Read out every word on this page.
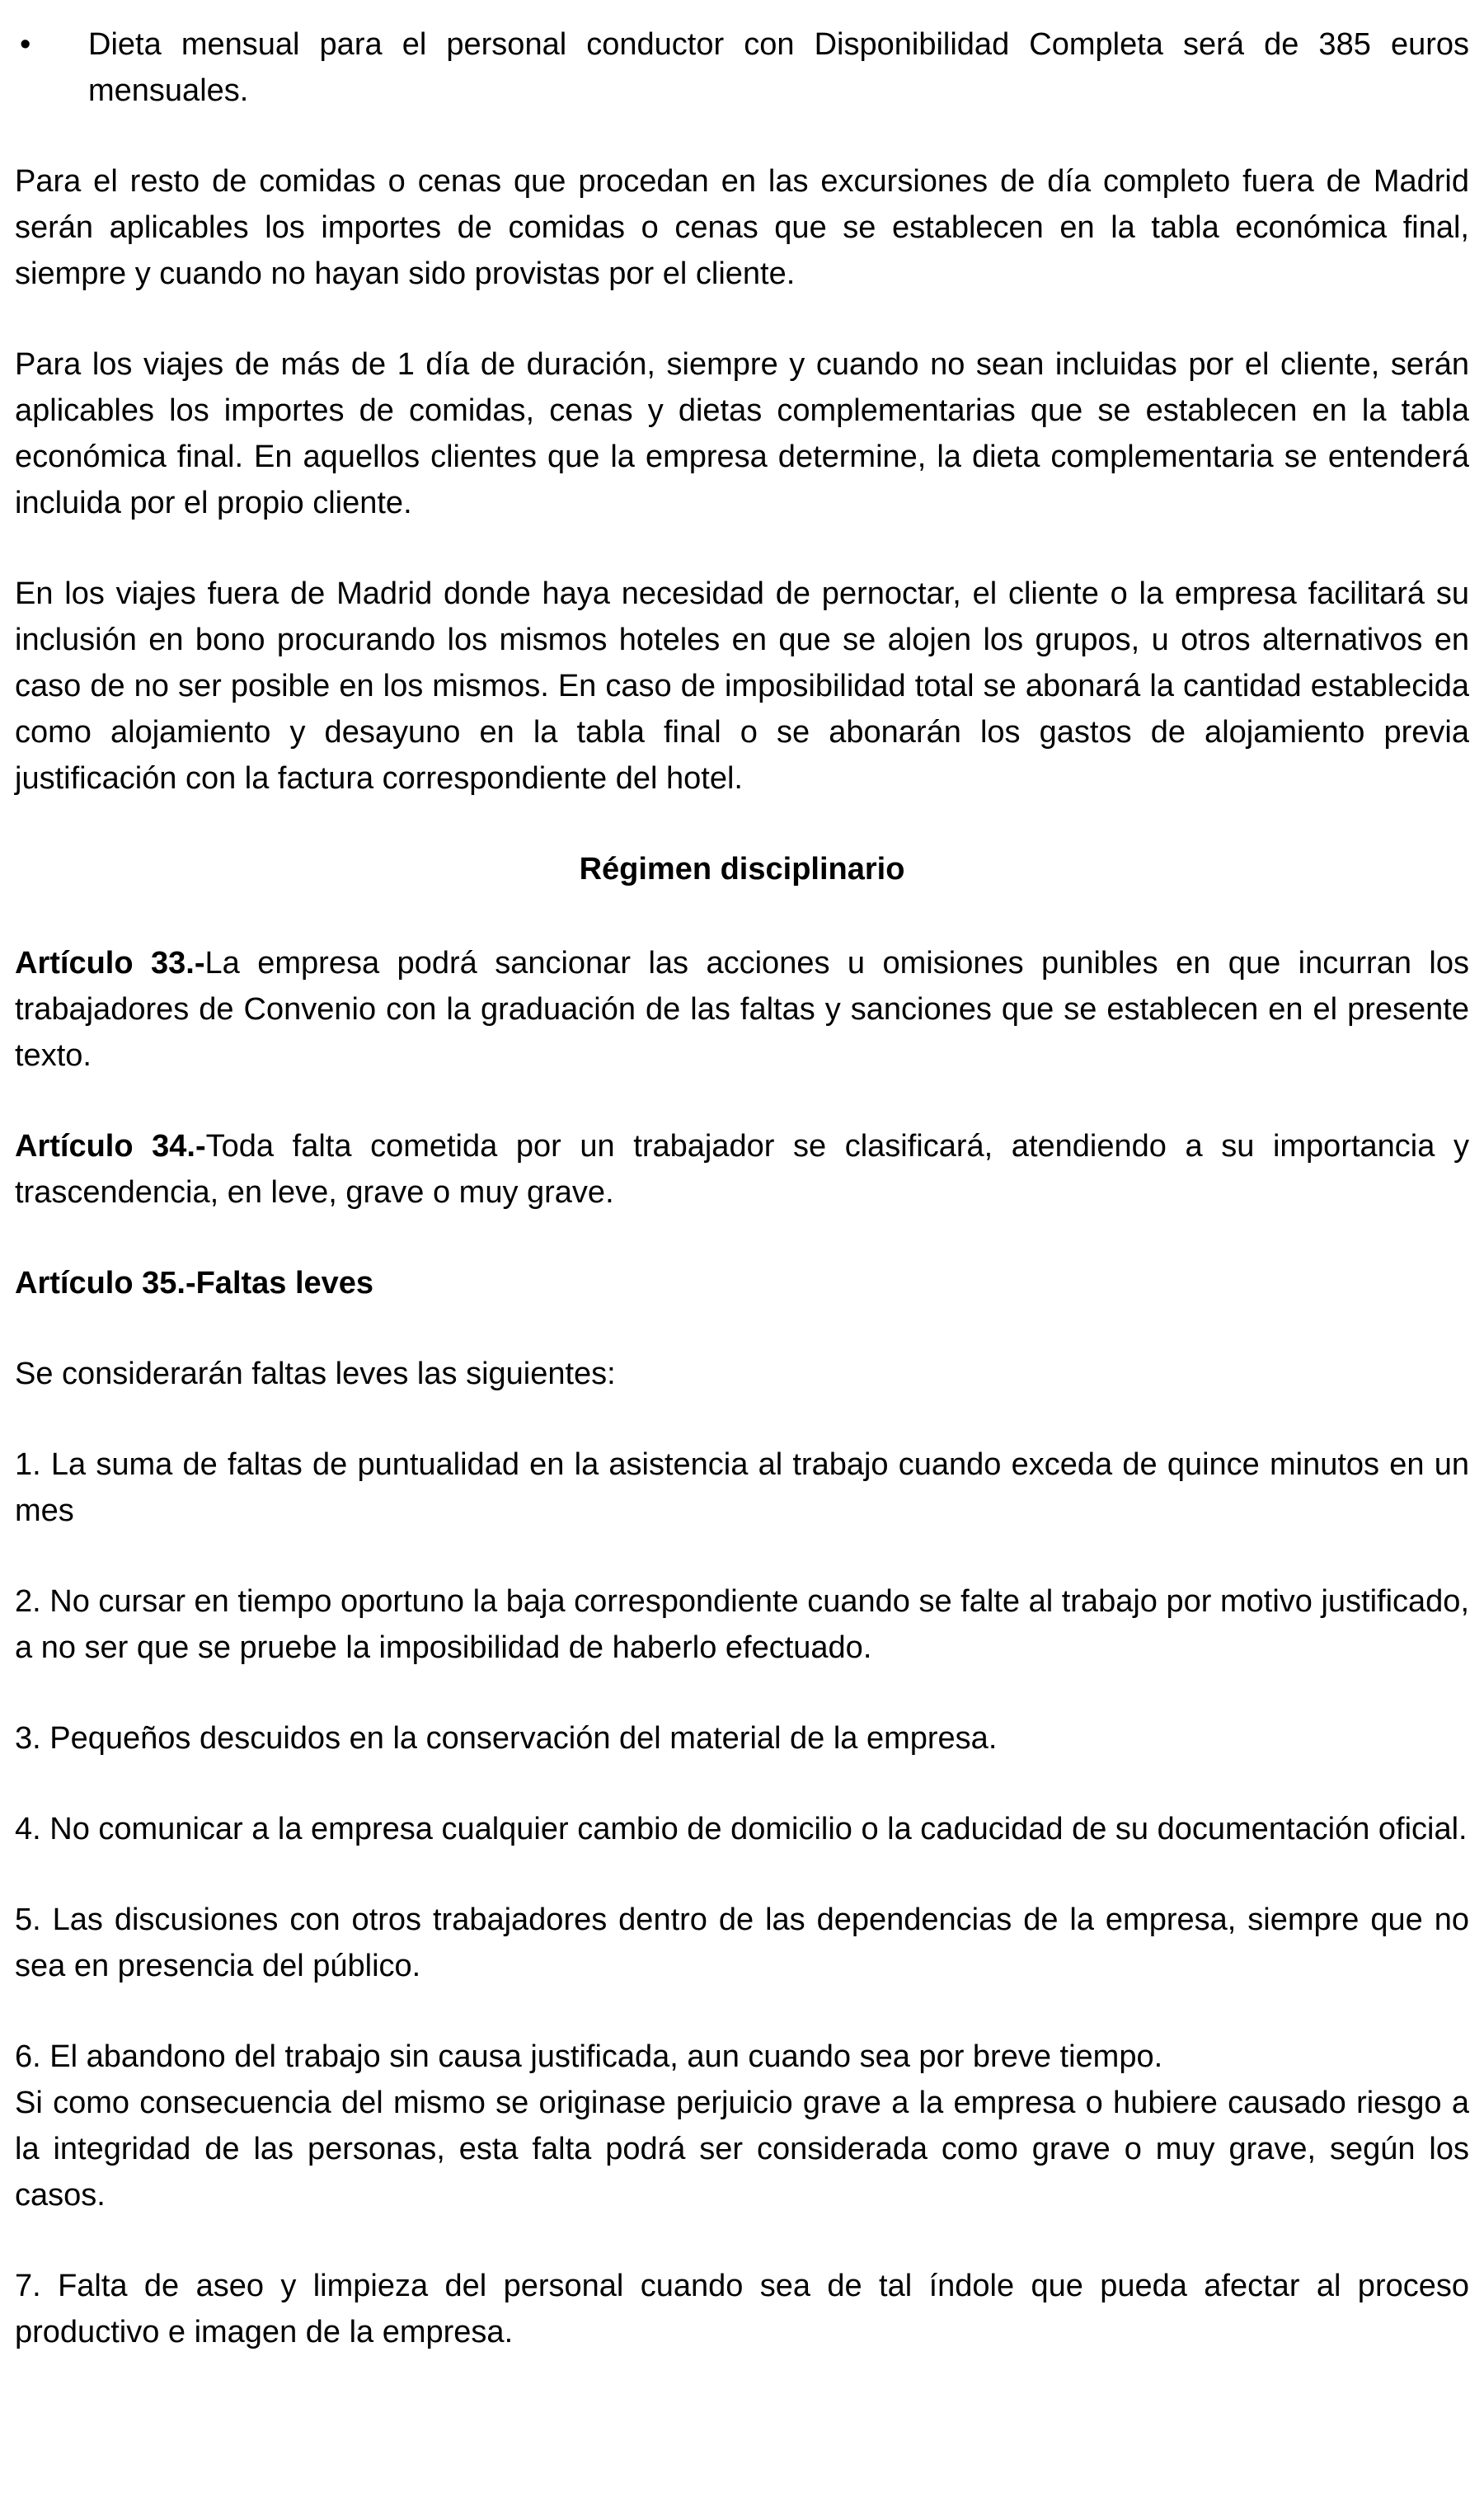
• Dieta mensual para el personal conductor con Disponibilidad Completa será de 385 euros mensuales.

Para el resto de comidas o cenas que procedan en las excursiones de día completo fuera de Madrid serán aplicables los importes de comidas o cenas que se establecen en la tabla económica final, siempre y cuando no hayan sido provistas por el cliente.

Para los viajes de más de 1 día de duración, siempre y cuando no sean incluidas por el cliente, serán aplicables los importes de comidas, cenas y dietas complementarias que se establecen en la tabla económica final. En aquellos clientes que la empresa determine, la dieta complementaria se entenderá incluida por el propio cliente.

En los viajes fuera de Madrid donde haya necesidad de pernoctar, el cliente o la empresa facilitará su inclusión en bono procurando los mismos hoteles en que se alojen los grupos, u otros alternativos en caso de no ser posible en los mismos. En caso de imposibilidad total se abonará la cantidad establecida como alojamiento y desayuno en la tabla final o se abonarán los gastos de alojamiento previa justificación con la factura correspondiente del hotel.

Régimen disciplinario

Artículo 33.-La empresa podrá sancionar las acciones u omisiones punibles en que incurran los trabajadores de Convenio con la graduación de las faltas y sanciones que se establecen en el presente texto.

Artículo 34.-Toda falta cometida por un trabajador se clasificará, atendiendo a su importancia y trascendencia, en leve, grave o muy grave.

Artículo 35.-Faltas leves

Se considerarán faltas leves las siguientes:

1. La suma de faltas de puntualidad en la asistencia al trabajo cuando exceda de quince minutos en un mes

2. No cursar en tiempo oportuno la baja correspondiente cuando se falte al trabajo por motivo justificado, a no ser que se pruebe la imposibilidad de haberlo efectuado.

3. Pequeños descuidos en la conservación del material de la empresa.

4. No comunicar a la empresa cualquier cambio de domicilio o la caducidad de su documentación oficial.

5. Las discusiones con otros trabajadores dentro de las dependencias de la empresa, siempre que no sea en presencia del público.

6. El abandono del trabajo sin causa justificada, aun cuando sea por breve tiempo.
Si como consecuencia del mismo se originase perjuicio grave a la empresa o hubiere causado riesgo a la integridad de las personas, esta falta podrá ser considerada como grave o muy grave, según los casos.

7. Falta de aseo y limpieza del personal cuando sea de tal índole que pueda afectar al proceso productivo e imagen de la empresa.
